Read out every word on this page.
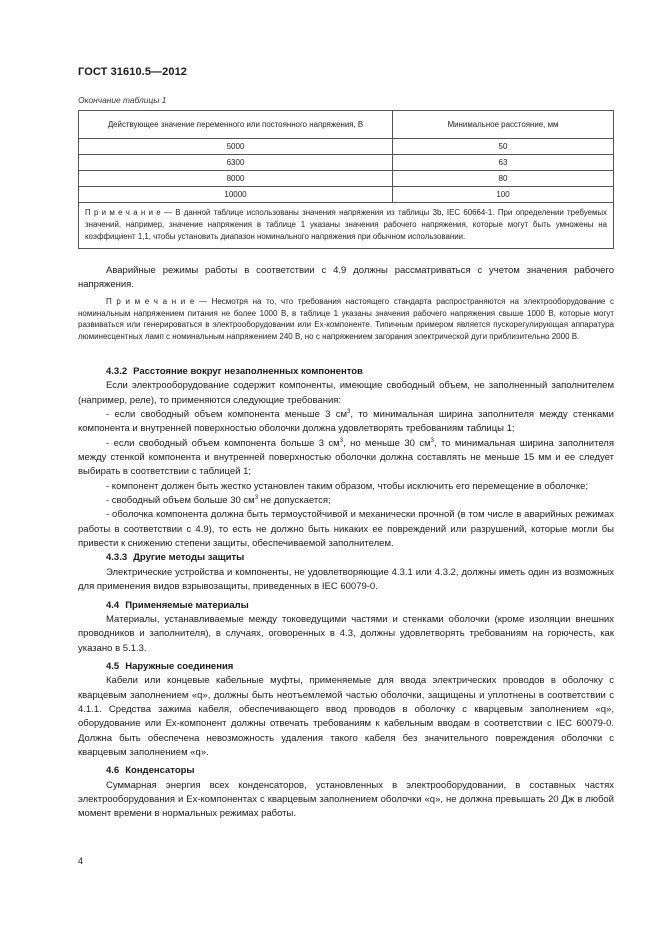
ГОСТ 31610.5—2012
Окончание таблицы 1
Действующее значение переменного или постоянного напряжения, В	Минимальное расстояние, мм
5000	50
6300	63
8000	80
10000	100
П р и м е ч а н и е — В данной таблице использованы значения напряжения из таблицы 3b, IEC 60664-1. При определении требуемых значений, например, значение напряжения в таблице 1 указаны значения рабочего напряжения, которые могут быть умножены на коэффициент 1,1, чтобы установить диапазон номинального напряжения при обычном использовании.	

Аварийные режимы работы в соответствии с 4.9 должны рассматриваться с учетом значения рабочего напряжения.

П р и м е ч а н и е — Несмотря на то, что требования настоящего стандарта распространяются на электрооборудование с номинальным напряжением питания не более 1000 В, в таблице 1 указаны значения рабочего напряжения свыше 1000 В, которые могут развиваться или генерироваться в электрооборудовании или Ex-компоненте. Типичным примером является пускорегулирующая аппаратура люминесцентных ламп с номинальным напряжением 240 В, но с напряжением загорания электрической дуги приблизительно 2000 В.

4.3.2 Расстояние вокруг незаполненных компонентов

Если электрооборудование содержит компоненты, имеющие свободный объем, не заполненный заполнителем (например, реле), то применяются следующие требования:

- если свободный объем компонента меньше 3 $см^3$, то минимальная ширина заполнителя между стенками компонента и внутренней поверхностью оболочки должна удовлетворять требованиям таблицы 1;

- если свободный объем компонента больше 3 $см^3$, но меньше 30 $см^3$, то минимальная ширина заполнителя между стенкой компонента и внутренней поверхностью оболочки должна составлять не меньше 15 мм и ее следует выбирать в соответствии с таблицей 1;

- компонент должен быть жестко установлен таким образом, чтобы исключить его перемещение в оболочке;

- свободный объем больше 30 $см^3$ не допускается;

- оболочка компонента должна быть термоустойчивой и механически прочной (в том числе в аварийных режимах работы в соответствии с 4.9), то есть не должно быть никаких ее повреждений или разрушений, которые могли бы привести к снижению степени защиты, обеспечиваемой заполнителем.

4.3.3 Другие методы защиты

Электрические устройства и компоненты, не удовлетворяющие 4.3.1 или 4.3.2, должны иметь один из возможных для применения видов взрывозащиты, приведенных в IEC 60079-0.

4.4 Применяемые материалы

Материалы, устанавливаемые между токоведущими частями и стенками оболочки (кроме изоляции внешних проводников и заполнителя), в случаях, оговоренных в 4.3, должны удовлетворять требованиям на горючесть, как указано в 5.1.3.

4.5 Наружные соединения

Кабели или концевые кабельные муфты, применяемые для ввода электрических проводов в оболочку с кварцевым заполнением «q», должны быть неотъемлемой частью оболочки, защищены и уплотнены в соответствии с 4.1.1. Средства зажима кабеля, обеспечивающего ввод проводов в оболочку с кварцевым заполнением «q», оборудование или Ex-компонент должны отвечать требованиям к кабельным вводам в соответствии с IEC 60079-0. Должна быть обеспечена невозможность удаления такого кабеля без значительного повреждения оболочки с кварцевым заполнением «q».

4.6 Конденсаторы

Суммарная энергия всех конденсаторов, установленных в электрооборудовании, в составных частях электрооборудования и Ex-компонентах с кварцевым заполнением оболочки «q», не должна превышать 20 Дж в любой момент времени в нормальных режимах работы.

4
